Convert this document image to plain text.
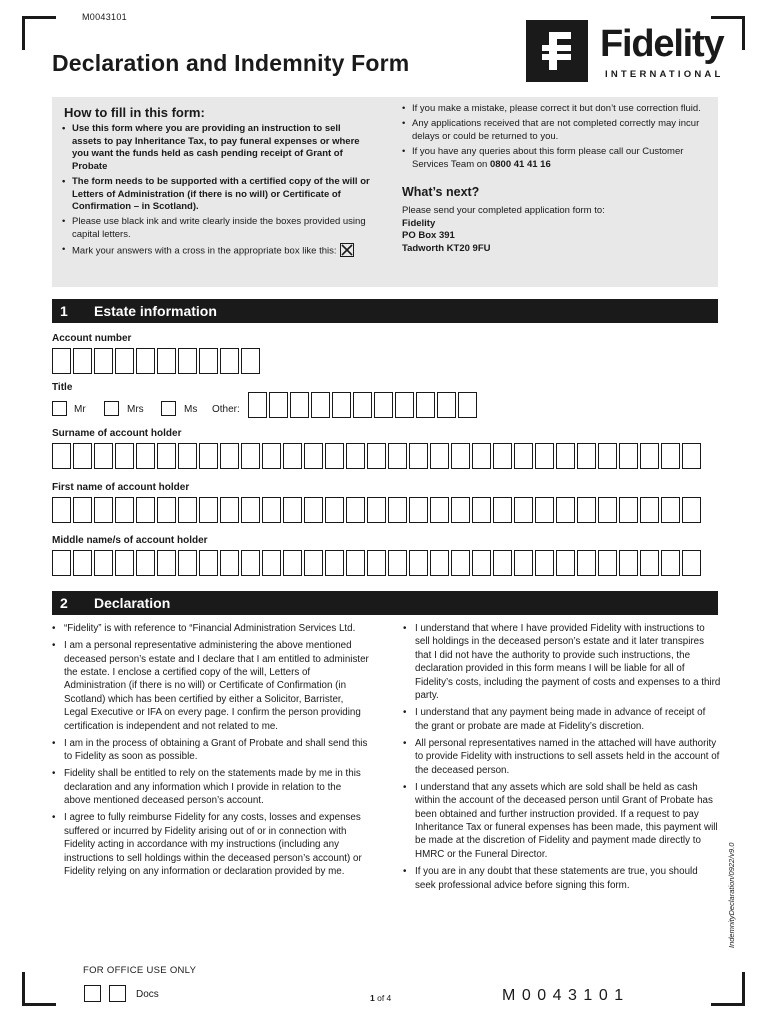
M0043101
Declaration and Indemnity Form	Fidelity
INTERNATIONAL
How to fill in this form:
• Use this form where you are providing an instruction to sell assets to pay Inheritance Tax, to pay funeral expenses or where you want the funds held as cash pending receipt of Grant of Probate
• The form needs to be supported with a certified copy of the will or Letters of Administration (if there is no will) or Certificate of Confirmation – in Scotland).
• Please use black ink and write clearly inside the boxes provided using capital letters.
• Mark your answers with a cross in the appropriate box like this:
• If you make a mistake, please correct it but don’t use correction fluid.
• Any applications received that are not completed correctly may incur delays or could be returned to you.
• If you have any queries about this form please call our Customer Services Team on 0800 41 41 16
What’s next?
Please send your completed application form to:
Fidelity
PO Box 391
Tadworth KT20 9FU
1 Estate information
Account number
Title
Mr	Mrs	Ms Other:
Surname of account holder
First name of account holder
Middle name/s of account holder
2 Declaration
• “Fidelity” is with reference to “Financial Administration Services Ltd.
• I am a personal representative administering the above mentioned deceased person’s estate and I declare that I am entitled to administer the estate. I enclose a certified copy of the will, Letters of Administration (if there is no will) or Certificate of Confirmation (in Scotland) which has been certified by either a Solicitor, Barrister, Legal Executive or IFA on every page. I confirm the person providing certification is independent and not related to me.
• I am in the process of obtaining a Grant of Probate and shall send this to Fidelity as soon as possible.
• Fidelity shall be entitled to rely on the statements made by me in this declaration and any information which I provide in relation to the above mentioned deceased person’s account.
• I agree to fully reimburse Fidelity for any costs, losses and expenses suffered or incurred by Fidelity arising out of or in connection with Fidelity acting in accordance with my instructions (including any instructions to sell holdings within the deceased person’s account) or Fidelity relying on any information or declaration provided by me.
• I understand that where I have provided Fidelity with instructions to sell holdings in the deceased person’s estate and it later transpires that I did not have the authority to provide such instructions, the declaration provided in this form means I will be liable for all of Fidelity’s costs, including the payment of costs and expenses to a third party.
• I understand that any payment being made in advance of receipt of the grant or probate are made at Fidelity’s discretion.
• All personal representatives named in the attached will have authority to provide Fidelity with instructions to sell assets held in the account of the deceased person.
• I understand that any assets which are sold shall be held as cash within the account of the deceased person until Grant of Probate has been obtained and further instruction provided. If a request to pay Inheritance Tax or funeral expenses has been made, this payment will be made at the discretion of Fidelity and payment made directly to HMRC or the Funeral Director.
• If you are in any doubt that these statements are true, you should seek professional advice before signing this form.	IndemnityDeclaration/0922/v9.0
FOR OFFICE USE ONLY
Docs	1 of 4	M0043101
